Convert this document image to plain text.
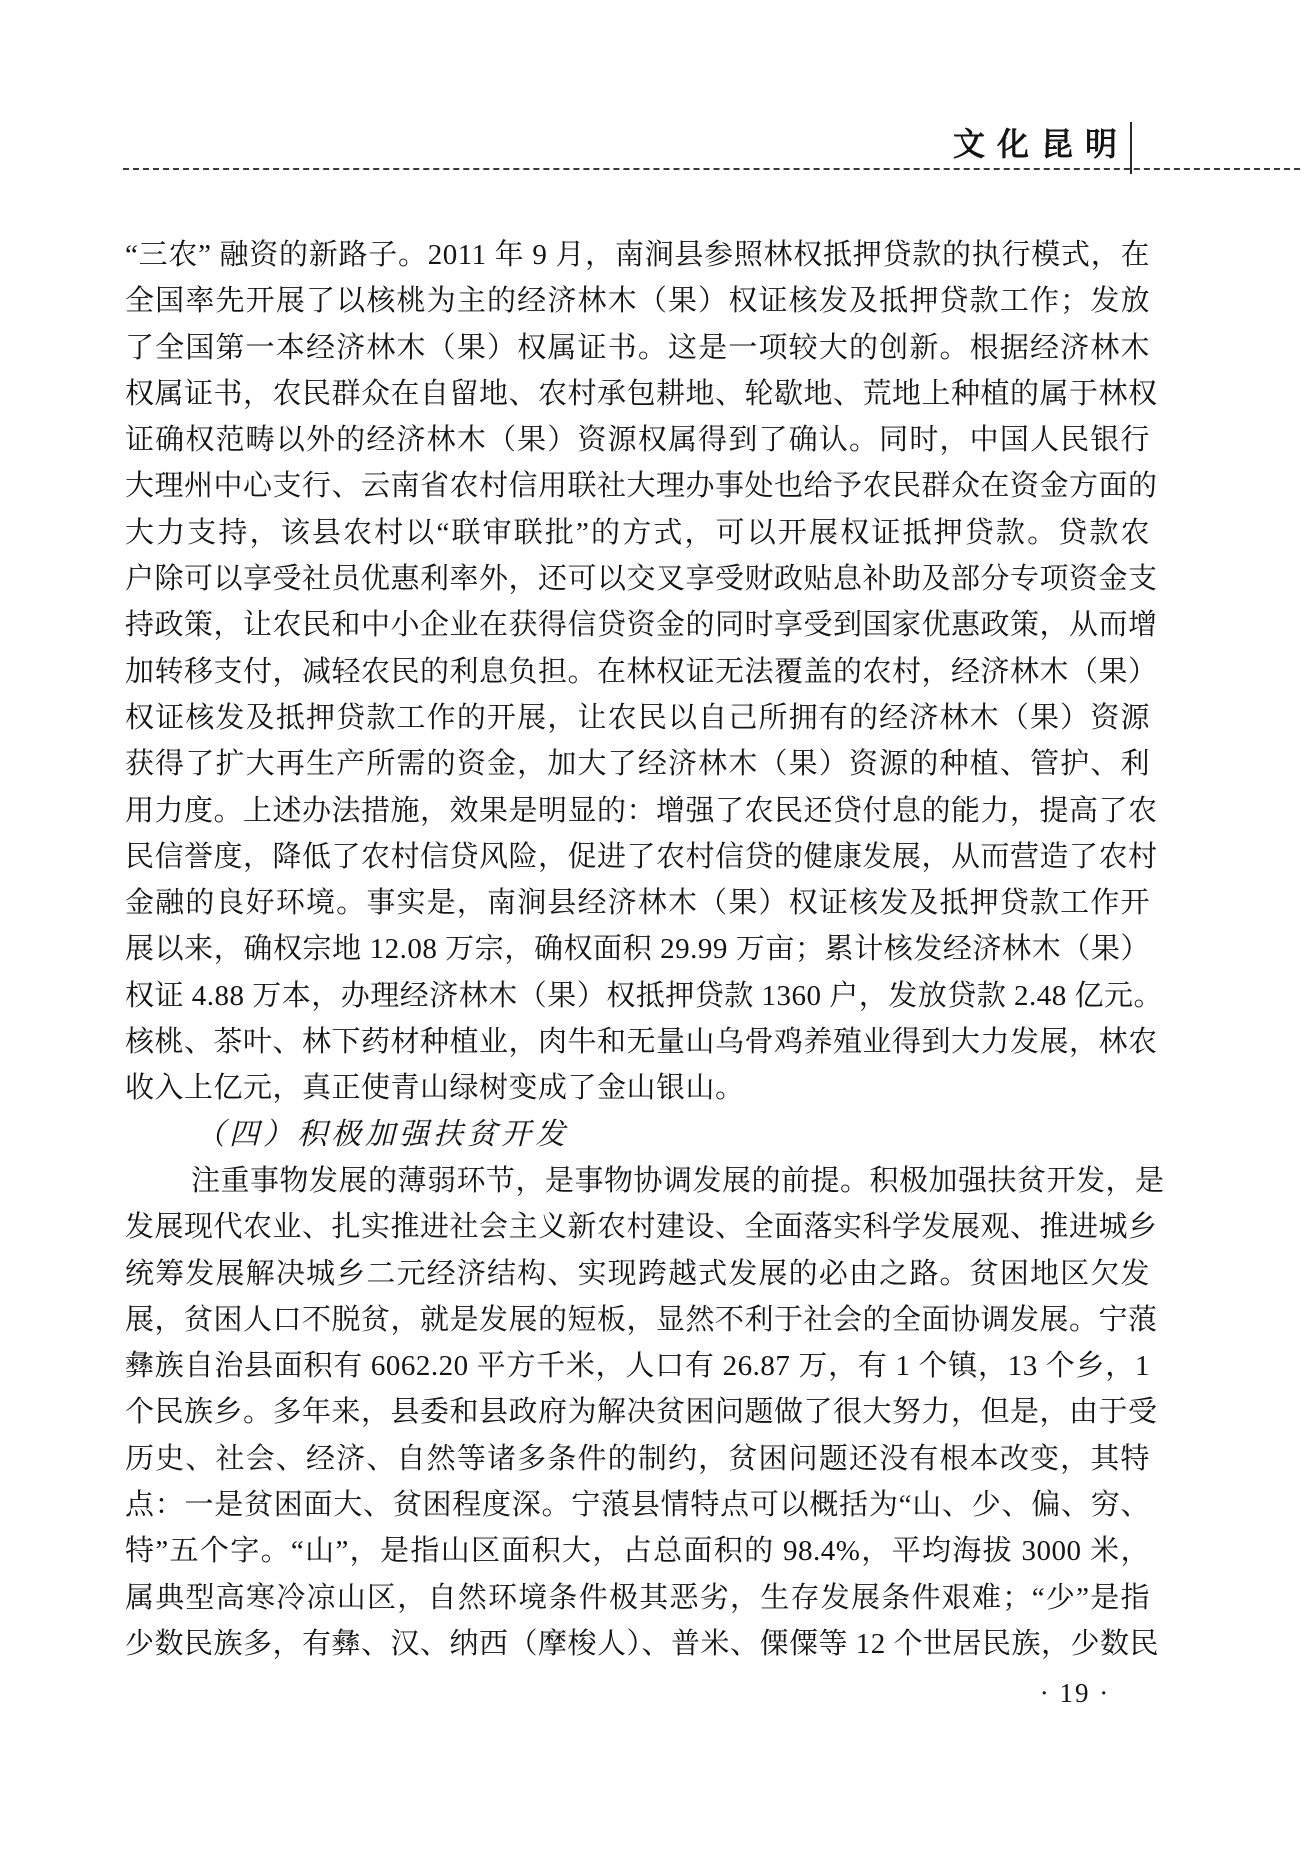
文化昆明
“三农” 融资的新路子。2011 年 9 月，南涧县参照林权抵押贷款的执行模式，在
全国率先开展了以核桃为主的经济林木（果）权证核发及抵押贷款工作；发放
了全国第一本经济林木（果）权属证书。这是一项较大的创新。根据经济林木
权属证书，农民群众在自留地、农村承包耕地、轮歇地、荒地上种植的属于林权
证确权范畴以外的经济林木（果）资源权属得到了确认。同时，中国人民银行
大理州中心支行、云南省农村信用联社大理办事处也给予农民群众在资金方面的
大力支持，该县农村以“联审联批”的方式，可以开展权证抵押贷款。贷款农
户除可以享受社员优惠利率外，还可以交叉享受财政贴息补助及部分专项资金支
持政策，让农民和中小企业在获得信贷资金的同时享受到国家优惠政策，从而增
加转移支付，减轻农民的利息负担。在林权证无法覆盖的农村，经济林木（果）
权证核发及抵押贷款工作的开展，让农民以自己所拥有的经济林木（果）资源
获得了扩大再生产所需的资金，加大了经济林木（果）资源的种植、管护、利
用力度。上述办法措施，效果是明显的：增强了农民还贷付息的能力，提高了农
民信誉度，降低了农村信贷风险，促进了农村信贷的健康发展，从而营造了农村
金融的良好环境。事实是，南涧县经济林木（果）权证核发及抵押贷款工作开
展以来，确权宗地 12.08 万宗，确权面积 29.99 万亩；累计核发经济林木（果）
权证 4.88 万本，办理经济林木（果）权抵押贷款 1360 户，发放贷款 2.48 亿元。
核桃、茶叶、林下药材种植业，肉牛和无量山乌骨鸡养殖业得到大力发展，林农
收入上亿元，真正使青山绿树变成了金山银山。
（四）积极加强扶贫开发
注重事物发展的薄弱环节，是事物协调发展的前提。积极加强扶贫开发，是
发展现代农业、扎实推进社会主义新农村建设、全面落实科学发展观、推进城乡
统筹发展解决城乡二元经济结构、实现跨越式发展的必由之路。贫困地区欠发
展，贫困人口不脱贫，就是发展的短板，显然不利于社会的全面协调发展。宁蒗
彝族自治县面积有 6062.20 平方千米，人口有 26.87 万，有 1 个镇，13 个乡，1
个民族乡。多年来，县委和县政府为解决贫困问题做了很大努力，但是，由于受
历史、社会、经济、自然等诸多条件的制约，贫困问题还没有根本改变，其特
点：一是贫困面大、贫困程度深。宁蒗县情特点可以概括为“山、少、偏、穷、
特”五个字。“山”，是指山区面积大，占总面积的 98.4%，平均海拔 3000 米，
属典型高寒冷凉山区，自然环境条件极其恶劣，生存发展条件艰难；“少”是指
少数民族多，有彝、汉、纳西（摩梭人）、普米、傈僳等 12 个世居民族，少数民
· 19 ·
